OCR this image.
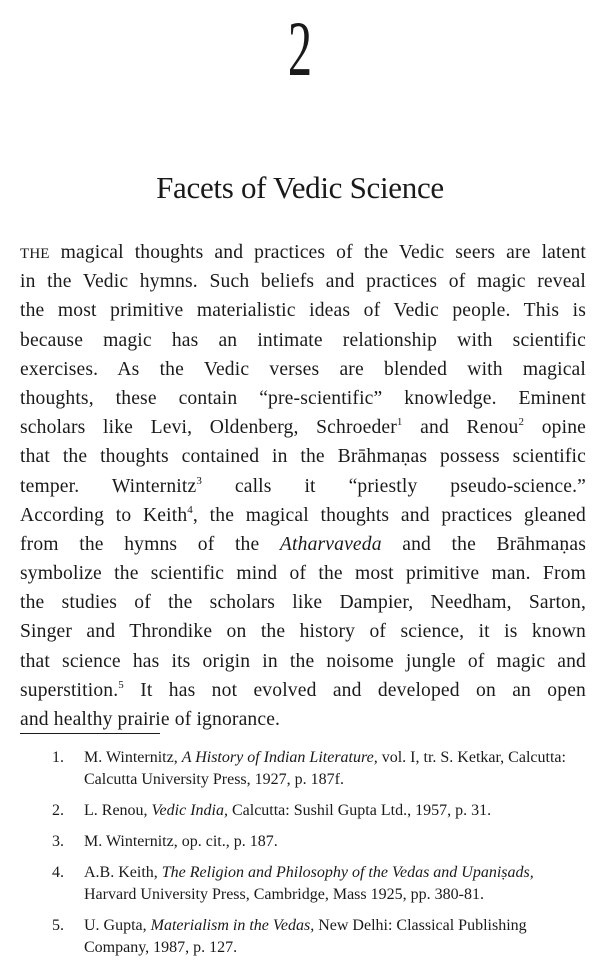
2
Facets of Vedic Science
THE magical thoughts and practices of the Vedic seers are latent
in the Vedic hymns. Such beliefs and practices of magic reveal
the most primitive materialistic ideas of Vedic people. This is
because magic has an intimate relationship with scientific
exercises. As the Vedic verses are blended with magical
thoughts, these contain “pre-scientific” knowledge. Eminent
scholars like Levi, Oldenberg, Schroeder$^1$ and Renou$^2$ opine
that the thoughts contained in the Brāhmaṇas possess scientific
temper. Winternitz$^3$ calls it “priestly pseudo-science.”
According to Keith$^4$, the magical thoughts and practices gleaned
from the hymns of the Atharvaveda and the Brāhmaṇas
symbolize the scientific mind of the most primitive man. From
the studies of the scholars like Dampier, Needham, Sarton,
Singer and Throndike on the history of science, it is known
that science has its origin in the noisome jungle of magic and
superstition.$^5$ It has not evolved and developed on an open
and healthy prairie of ignorance.
1. M. Winternitz, A History of Indian Literature, vol. I, tr. S. Ketkar, Calcutta: Calcutta University Press, 1927, p. 187f.
2. L. Renou, Vedic India, Calcutta: Sushil Gupta Ltd., 1957, p. 31.
3. M. Winternitz, op. cit., p. 187.
4. A.B. Keith, The Religion and Philosophy of the Vedas and Upaniṣads, Harvard University Press, Cambridge, Mass 1925, pp. 380-81.
5. U. Gupta, Materialism in the Vedas, New Delhi: Classical Publishing Company, 1987, p. 127.
